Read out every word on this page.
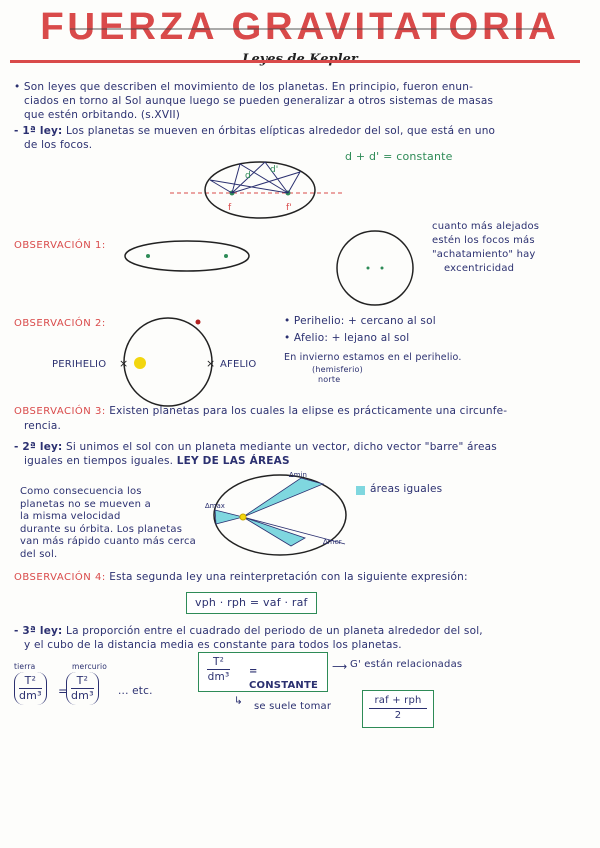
FUERZA GRAVITATORIA
• Son leyes que describen el movimiento de los planetas. En principio, fueron enun-
ciados en torno al Sol aunque luego se pueden generalizar a otros sistemas de masas
que estén orbitando. (s.XVII)
- 1ª ley: Los planetas se mueven en órbitas elípticas alrededor del sol, que está en uno
de los focos.
d + d' = constante
d
d'
f	f'
OBSERVACIÓN 1:
cuanto más alejados
estén los focos más
"achatamiento" hay
excentricidad
OBSERVACIÓN 2:
×	×
PERIHELIO	AFELIO
• Perihelio: + cercano al sol
• Afelio: + lejano al sol
En invierno estamos en el perihelio.
(hemisferio)
norte
OBSERVACIÓN 3: Existen planetas para los cuales la elipse es prácticamente una circunfe-
rencia.
- 2ª ley: Si unimos el sol con un planeta mediante un vector, dicho vector "barre" áreas
iguales en tiempos iguales. LEY DE LAS ÁREAS
Como consecuencia los
planetas no se mueven a
la misma velocidad
durante su órbita. Los planetas
van más rápido cuanto más cerca
del sol.
∆min
∆max
∆mer
áreas iguales
OBSERVACIÓN 4: Esta segunda ley una reinterpretación con la siguiente expresión:
vph · rph = vaf · raf
- 3ª ley: La proporción entre el cuadrado del periodo de un planeta alrededor del sol,
y el cubo de la distancia media es constante para todos los planetas.
tierra	mercurio
$\frac{\text{T²}}{\text{dm³}}$ =
$\frac{\text{T²}}{\text{dm³}}$ ... etc.
$\frac{\text{T²}}{\text{dm³}}$ = CONSTANTE
⟶ G' están relacionadas
↳ se suele tomar
raf + rph
2
